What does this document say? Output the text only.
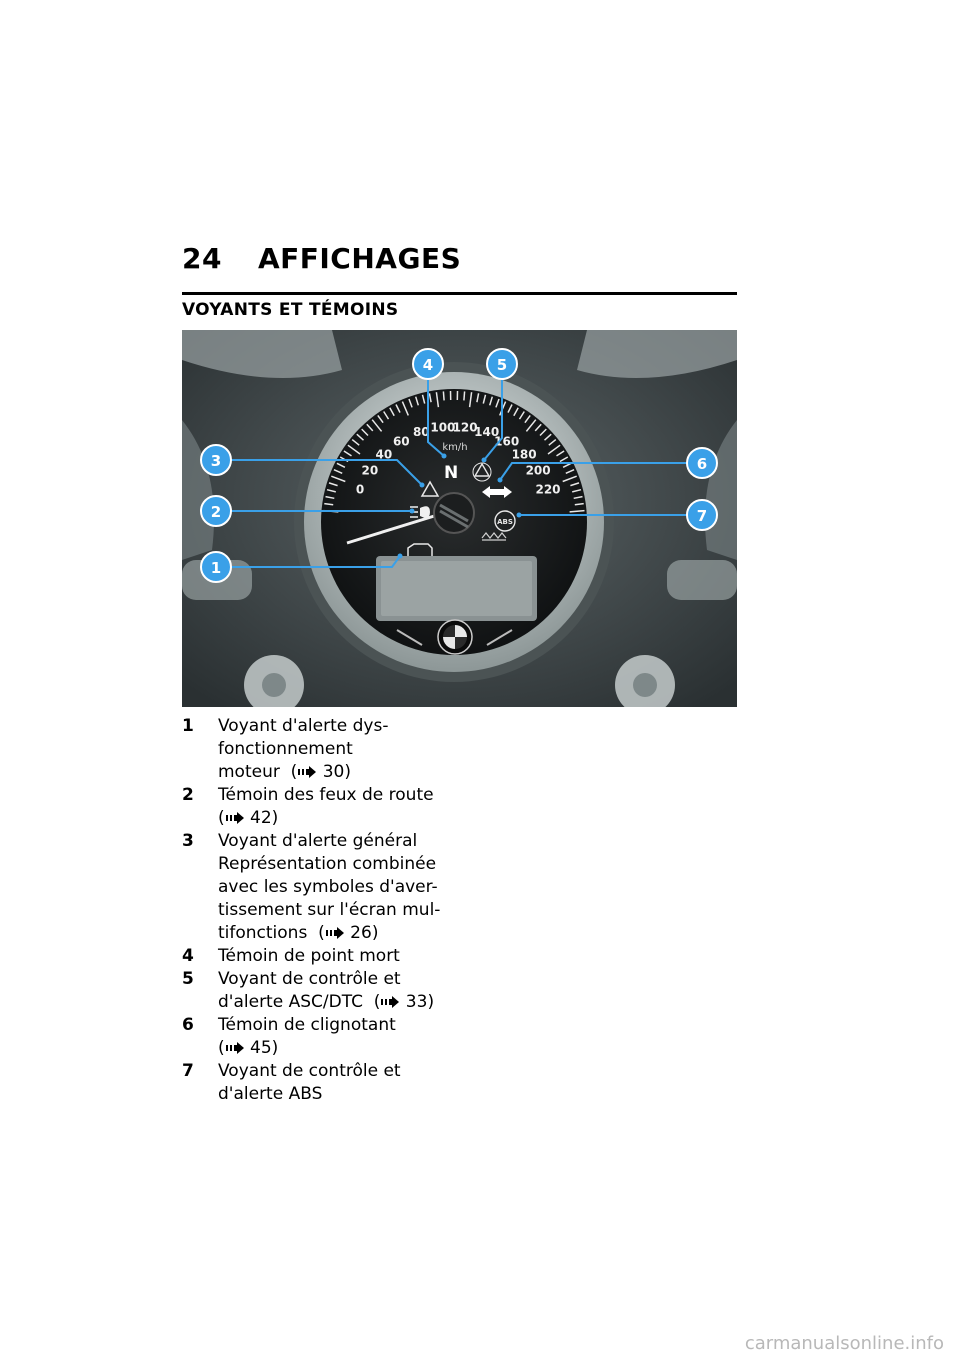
24 AFFICHAGES
VOYANTS ET TÉMOINS
0
20
40
60
80 100
120
140
160
180
200
220
km/h
N
ABS
1
2
3
4	5
6
7
1	Voyant d'alerte dys-
fonctionnement moteur  ( 30)
2	Témoin des feux de route
( 42)
3	Voyant d'alerte général
Représentation combinée
avec les symboles d'aver-
tissement sur l'écran mul-
tifonctions  ( 26)
4	Témoin de point mort
5	Voyant de contrôle et
d'alerte ASC/DTC  ( 33)
6	Témoin de clignotant
( 45)
7	Voyant de contrôle et
d'alerte ABS
carmanualsonline.info
